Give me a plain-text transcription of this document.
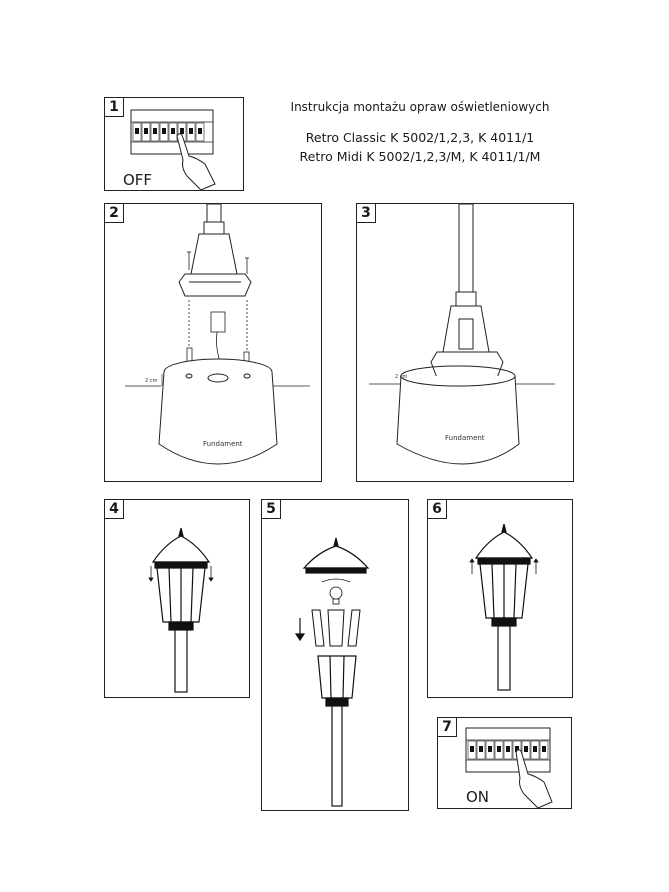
Instrukcja montażu opraw oświetleniowych
Retro Classic K 5002/1,2,3, K 4011/1
Retro Midi K 5002/1,2,3/M, K 4011/1/M
1
OFF
2
2 cm
Fundament
3
2 cm
Fundament
4	5	6
7
ON
